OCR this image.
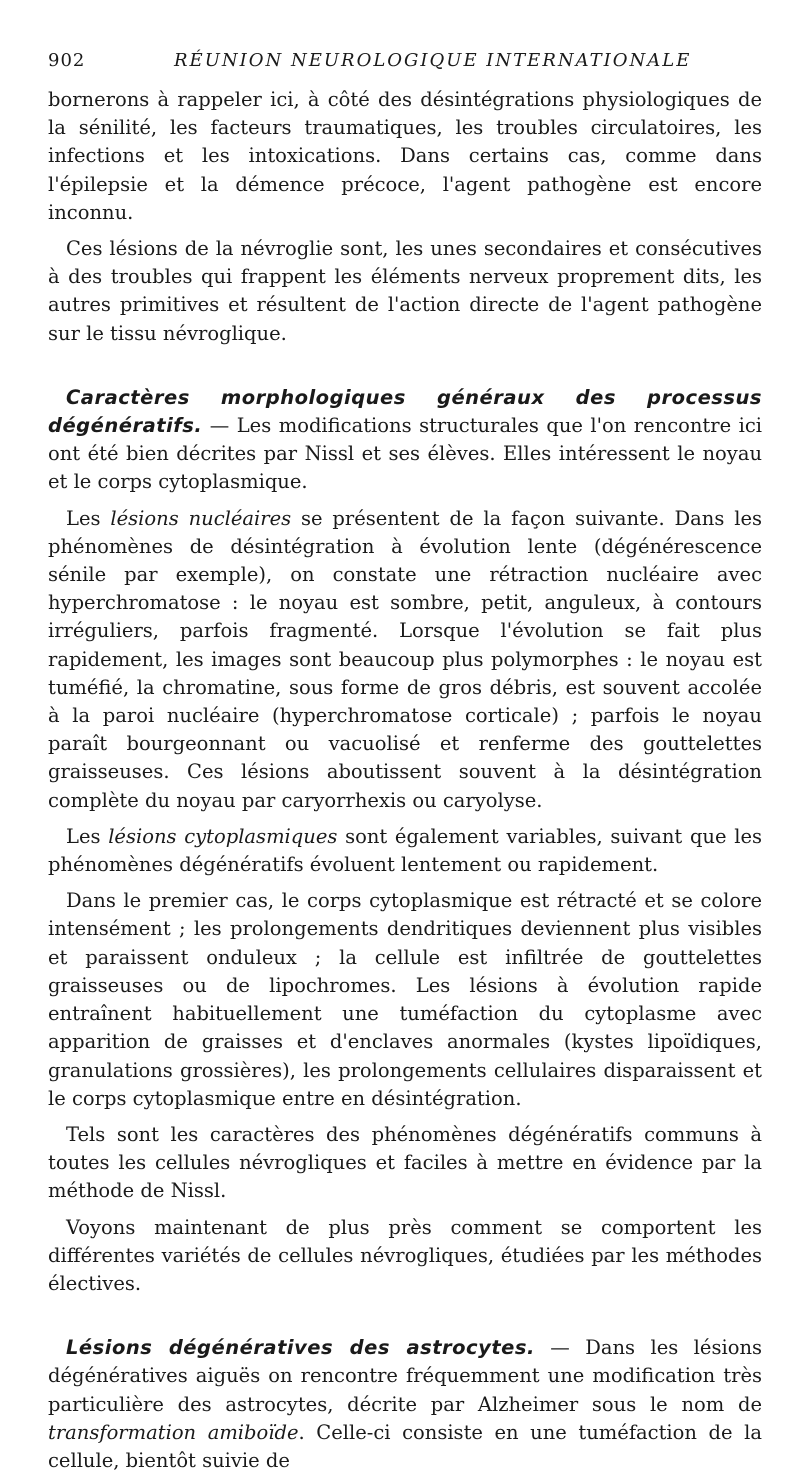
902	RÉUNION NEUROLOGIQUE INTERNATIONALE

bornerons à rappeler ici, à côté des désintégrations physiologiques de la sénilité, les facteurs traumatiques, les troubles circulatoires, les infections et les intoxications. Dans certains cas, comme dans l'épilepsie et la démence précoce, l'agent pathogène est encore inconnu.

Ces lésions de la névroglie sont, les unes secondaires et consécutives à des troubles qui frappent les éléments nerveux proprement dits, les autres primitives et résultent de l'action directe de l'agent pathogène sur le tissu névroglique.

Caractères morphologiques généraux des processus dégénératifs. — Les modifications structurales que l'on rencontre ici ont été bien décrites par Nissl et ses élèves. Elles intéressent le noyau et le corps cytoplasmique.

Les lésions nucléaires se présentent de la façon suivante. Dans les phénomènes de désintégration à évolution lente (dégénérescence sénile par exemple), on constate une rétraction nucléaire avec hyperchromatose : le noyau est sombre, petit, anguleux, à contours irréguliers, parfois fragmenté. Lorsque l'évolution se fait plus rapidement, les images sont beaucoup plus polymorphes : le noyau est tuméfié, la chromatine, sous forme de gros débris, est souvent accolée à la paroi nucléaire (hyperchromatose corticale) ; parfois le noyau paraît bourgeonnant ou vacuolisé et renferme des gouttelettes graisseuses. Ces lésions aboutissent souvent à la désintégration complète du noyau par caryorrhexis ou caryolyse.

Les lésions cytoplasmiques sont également variables, suivant que les phénomènes dégénératifs évoluent lentement ou rapidement.

Dans le premier cas, le corps cytoplasmique est rétracté et se colore intensément ; les prolongements dendritiques deviennent plus visibles et paraissent onduleux ; la cellule est infiltrée de gouttelettes graisseuses ou de lipochromes. Les lésions à évolution rapide entraînent habituellement une tuméfaction du cytoplasme avec apparition de graisses et d'enclaves anormales (kystes lipoïdiques, granulations grossières), les prolongements cellulaires disparaissent et le corps cytoplasmique entre en désintégration.

Tels sont les caractères des phénomènes dégénératifs communs à toutes les cellules névrogliques et faciles à mettre en évidence par la méthode de Nissl.

Voyons maintenant de plus près comment se comportent les différentes variétés de cellules névrogliques, étudiées par les méthodes électives.

Lésions dégénératives des astrocytes. — Dans les lésions dégénératives aiguës on rencontre fréquemment une modification très particulière des astrocytes, décrite par Alzheimer sous le nom de transformation amiboïde. Celle-ci consiste en une tuméfaction de la cellule, bientôt suivie de
